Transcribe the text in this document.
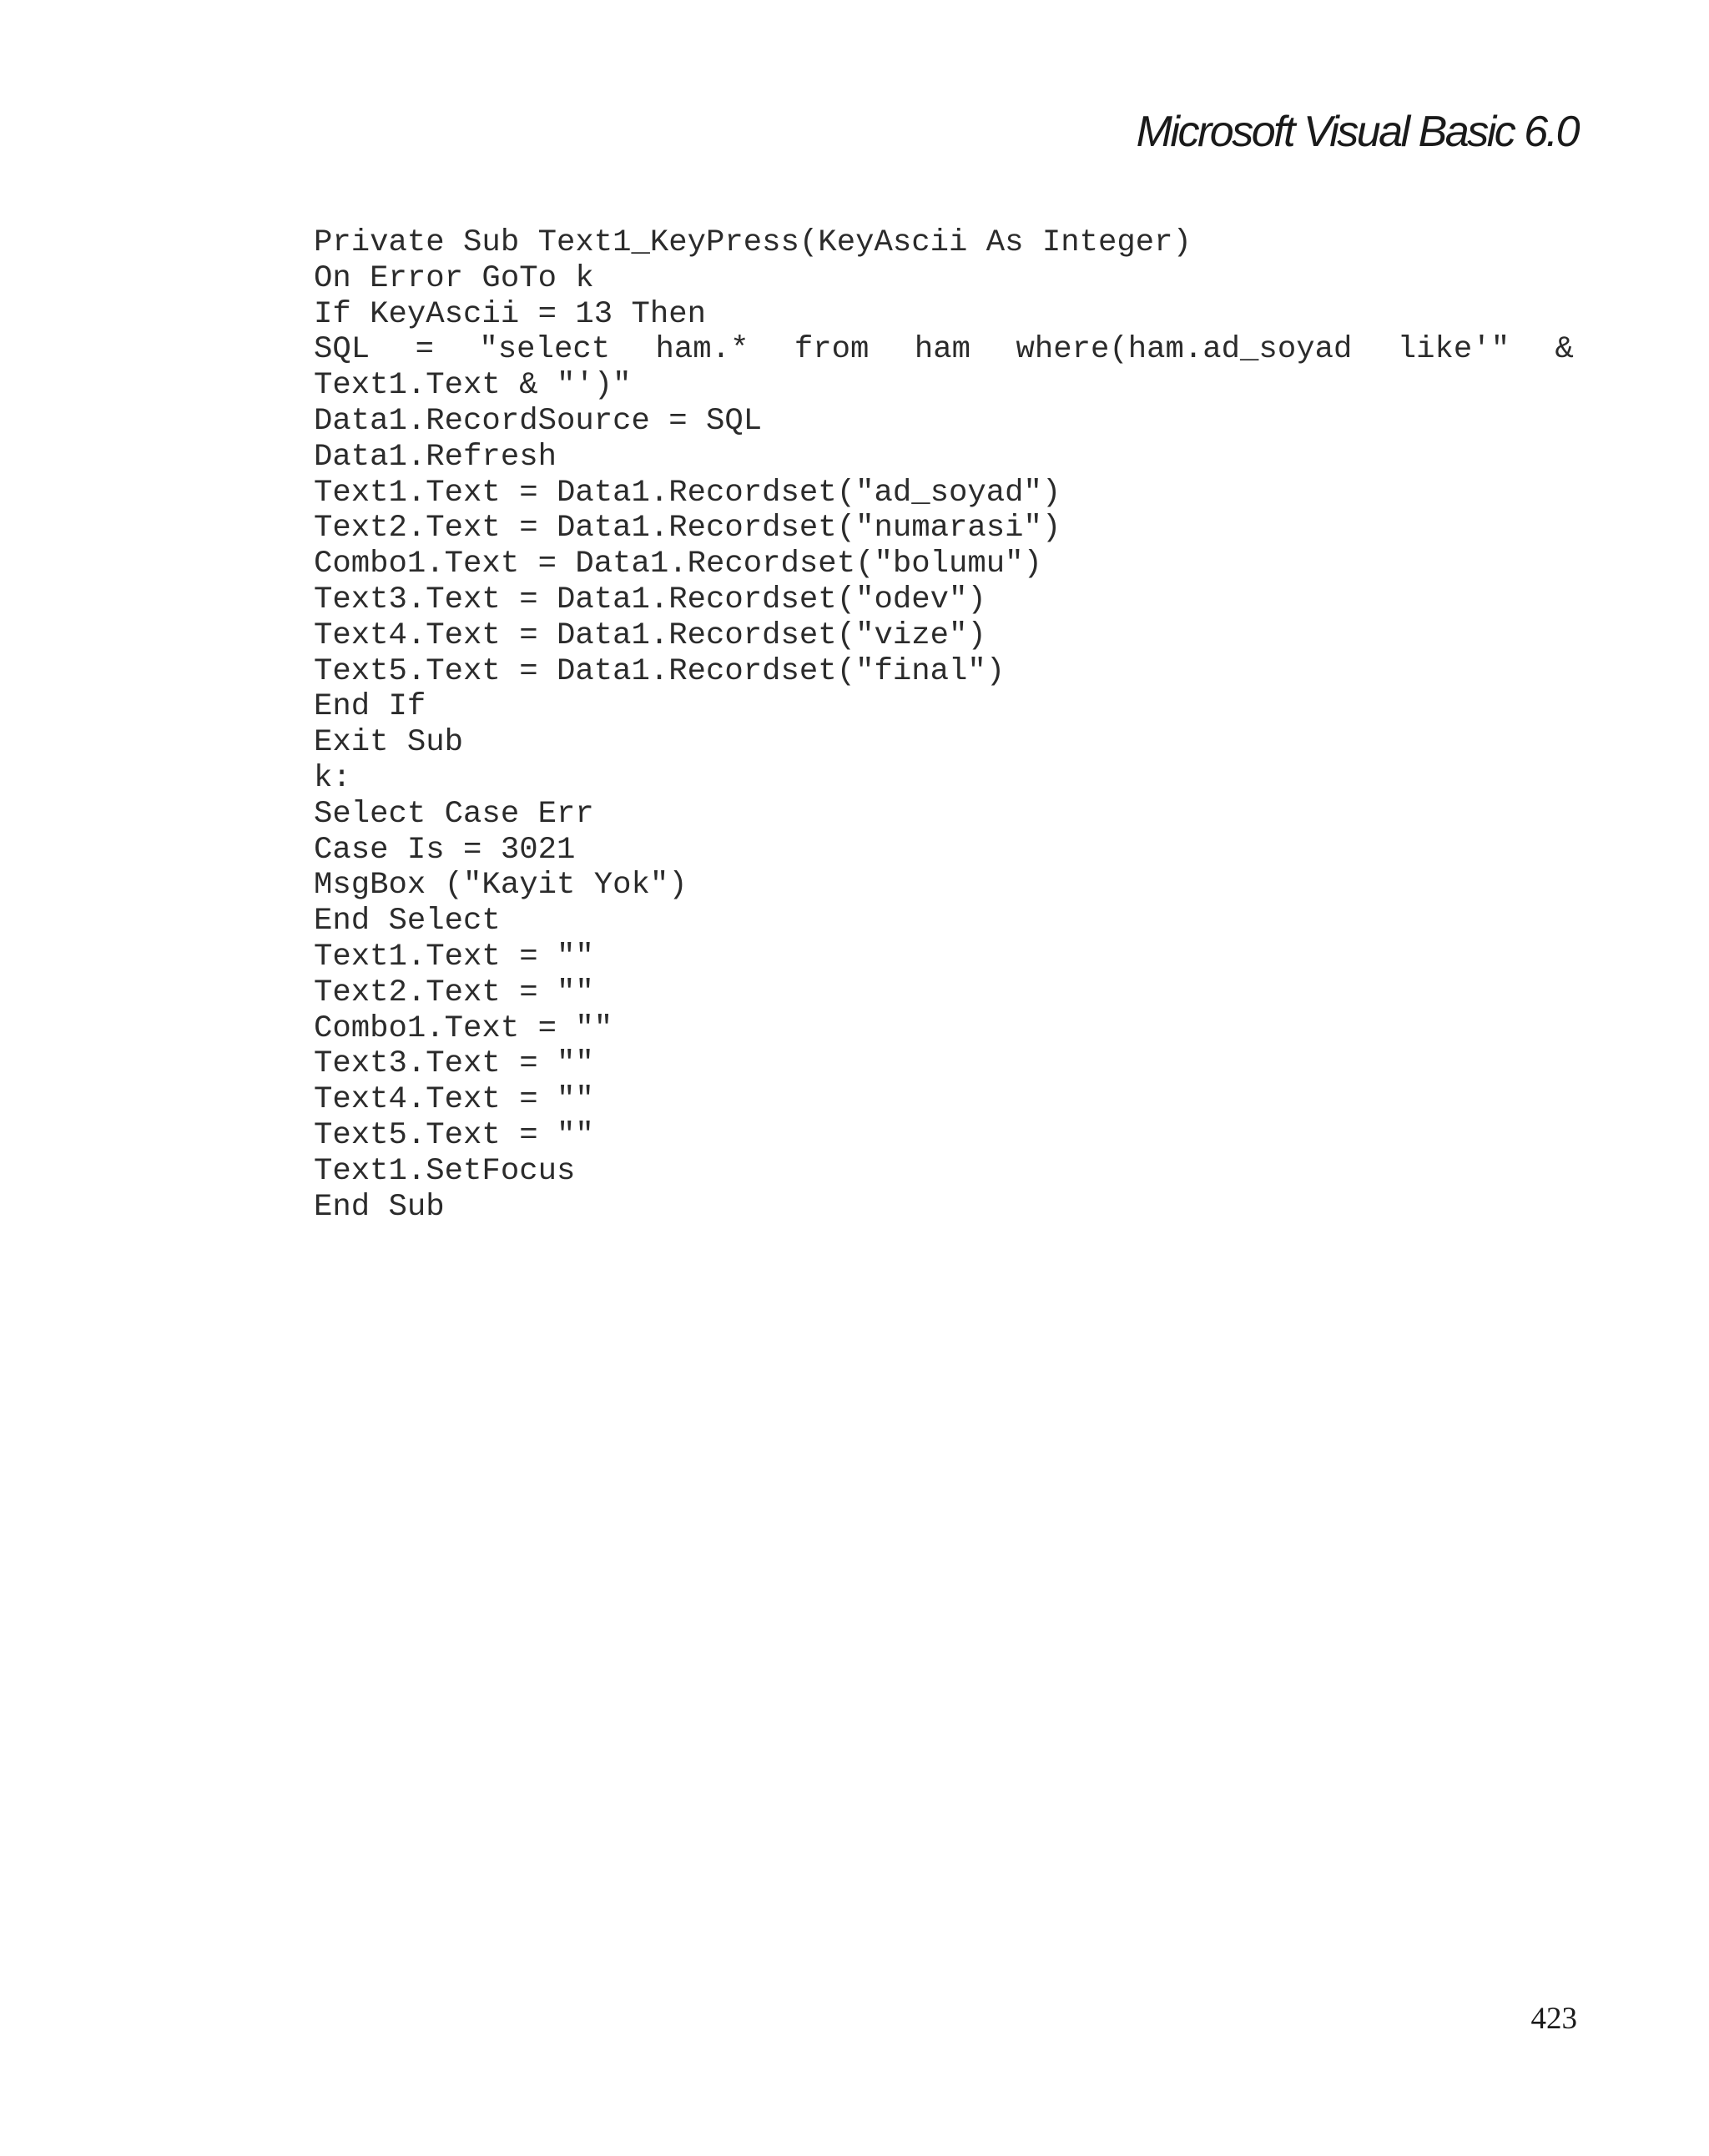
Microsoft Visual Basic 6.0
Private Sub Text1_KeyPress(KeyAscii As Integer)
On Error GoTo k
If KeyAscii = 13 Then
SQL = "select ham.* from ham where(ham.ad_soyad like'" &
Text1.Text & "')"
Data1.RecordSource = SQL
Data1.Refresh
Text1.Text = Data1.Recordset("ad_soyad")
Text2.Text = Data1.Recordset("numarasi")
Combo1.Text = Data1.Recordset("bolumu")
Text3.Text = Data1.Recordset("odev")
Text4.Text = Data1.Recordset("vize")
Text5.Text = Data1.Recordset("final")
End If
Exit Sub
k:
Select Case Err
Case Is = 3021
MsgBox ("Kayit Yok")
End Select
Text1.Text = ""
Text2.Text = ""
Combo1.Text = ""
Text3.Text = ""
Text4.Text = ""
Text5.Text = ""
Text1.SetFocus
End Sub
423
